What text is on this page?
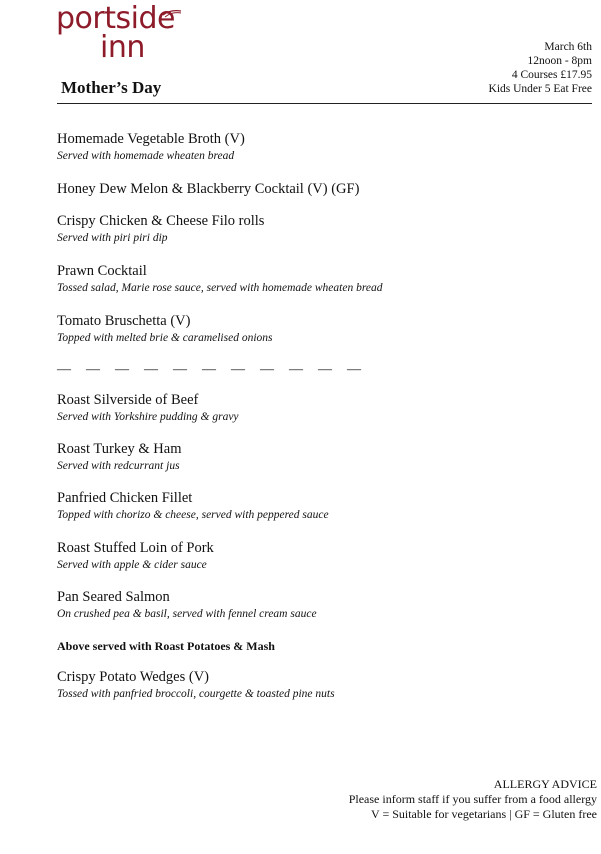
portside
inn	March 6th
12noon - 8pm
4 Courses £17.95
Kids Under 5 Eat Free
Mother’s Day
Homemade Vegetable Broth (V)
Served with homemade wheaten bread
Honey Dew Melon & Blackberry Cocktail (V) (GF)
Crispy Chicken & Cheese Filo rolls
Served with piri piri dip
Prawn Cocktail
Tossed salad, Marie rose sauce, served with homemade wheaten bread
Tomato Bruschetta (V)
Topped with melted brie & caramelised onions
— — — — — — — — — — —
Roast Silverside of Beef
Served with Yorkshire pudding & gravy
Roast Turkey & Ham
Served with redcurrant jus
Panfried Chicken Fillet
Topped with chorizo & cheese, served with peppered sauce
Roast Stuffed Loin of Pork
Served with apple & cider sauce
Pan Seared Salmon
On crushed pea & basil, served with fennel cream sauce
Above served with Roast Potatoes & Mash
Crispy Potato Wedges (V)
Tossed with panfried broccoli, courgette & toasted pine nuts
ALLERGY ADVICE
Please inform staff if you suffer from a food allergy
V = Suitable for vegetarians | GF = Gluten free
